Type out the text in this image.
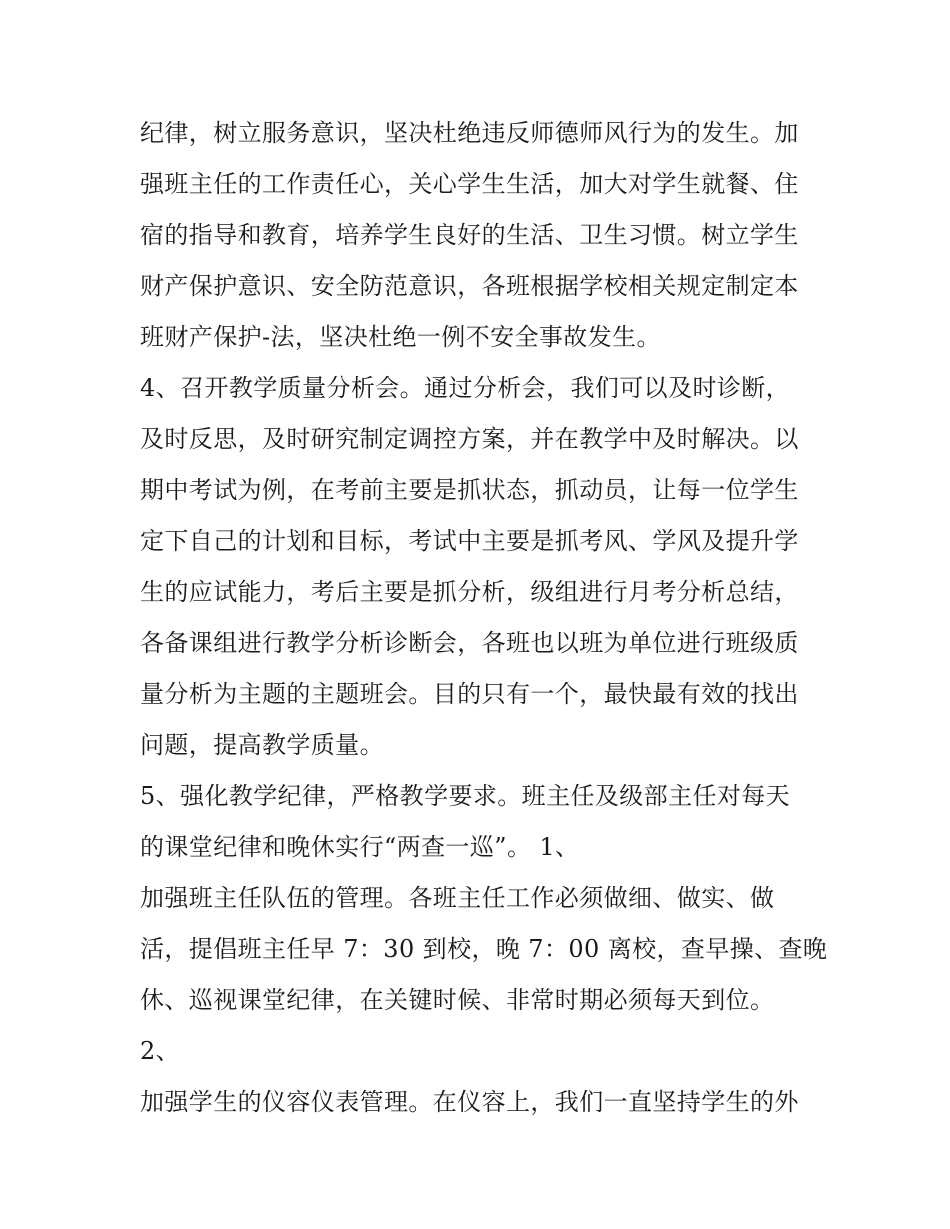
纪律，树立服务意识，坚决杜绝违反师德师风行为的发生。加
强班主任的工作责任心，关心学生生活，加大对学生就餐、住
宿的指导和教育，培养学生良好的生活、卫生习惯。树立学生
财产保护意识、安全防范意识，各班根据学校相关规定制定本
班财产保护-法，坚决杜绝一例不安全事故发生。
4、召开教学质量分析会。通过分析会，我们可以及时诊断，
及时反思，及时研究制定调控方案，并在教学中及时解决。以
期中考试为例，在考前主要是抓状态，抓动员，让每一位学生
定下自己的计划和目标，考试中主要是抓考风、学风及提升学
生的应试能力，考后主要是抓分析，级组进行月考分析总结，
各备课组进行教学分析诊断会，各班也以班为单位进行班级质
量分析为主题的主题班会。目的只有一个，最快最有效的找出
问题，提高教学质量。
5、强化教学纪律，严格教学要求。班主任及级部主任对每天
的课堂纪律和晚休实行“两查一巡”。 1、
加强班主任队伍的管理。各班主任工作必须做细、做实、做
活，提倡班主任早 7：30 到校，晚 7：00 离校，查早操、查晚
休、巡视课堂纪律，在关键时候、非常时期必须每天到位。
2、
加强学生的仪容仪表管理。在仪容上，我们一直坚持学生的外
